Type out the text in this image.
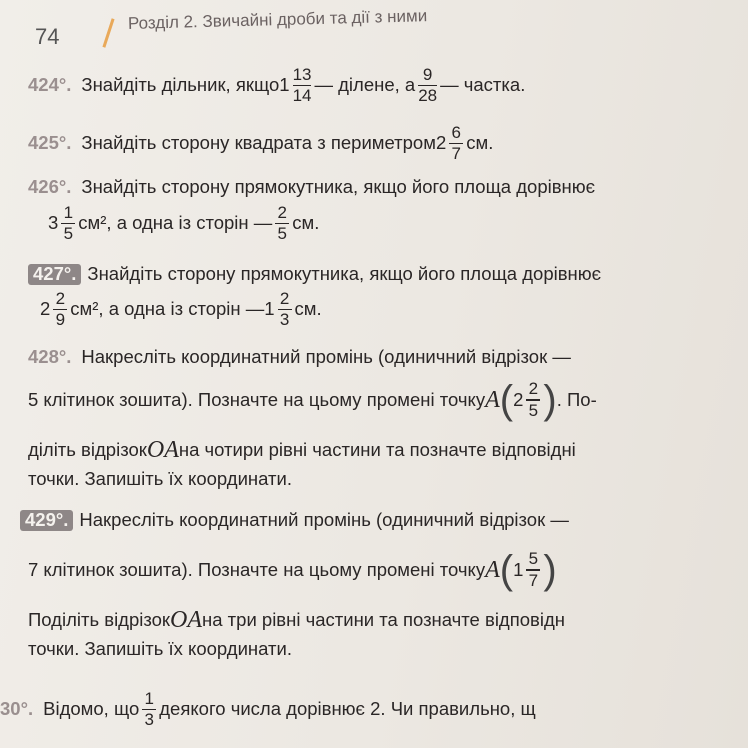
74
Розділ 2. Звичайні дроби та дії з ними
424°. Знайдіть дільник, якщо $1 \frac{13}{14}$ — ділене, а $\frac{9}{28}$ — частка.
425°. Знайдіть сторону квадрата з периметром $2 \frac{6}{7}$ см.
426°. Знайдіть сторону прямокутника, якщо його площа дорівнює
$3 \frac{1}{5} см^2$, а одна із сторін — $\frac{2}{5}$ см.
427°. Знайдіть сторону прямокутника, якщо його площа дорівнює
$2 \frac{2}{9} см^2$, а одна із сторін — $1 \frac{2}{3}$ см.
428°. Накресліть координатний промінь (одиничний відрізок —
5 клітинок зошита). Позначте на цьому промені точку A ( $2 \frac{2}{5}$ ) . По-
діліть відрізок OA на чотири рівні частини та позначте відповідні
точки. Запишіть їх координати.
429°. Накресліть координатний промінь (одиничний відрізок —
7 клітинок зошита). Позначте на цьому промені точку A ( $1 \frac{5}{7}$ )
Поділіть відрізок OA на три рівні частини та позначте відповідн
точки. Запишіть їх координати.
30°. Відомо, що $\frac{1}{3}$ деякого числа дорівнює 2. Чи правильно, щ
